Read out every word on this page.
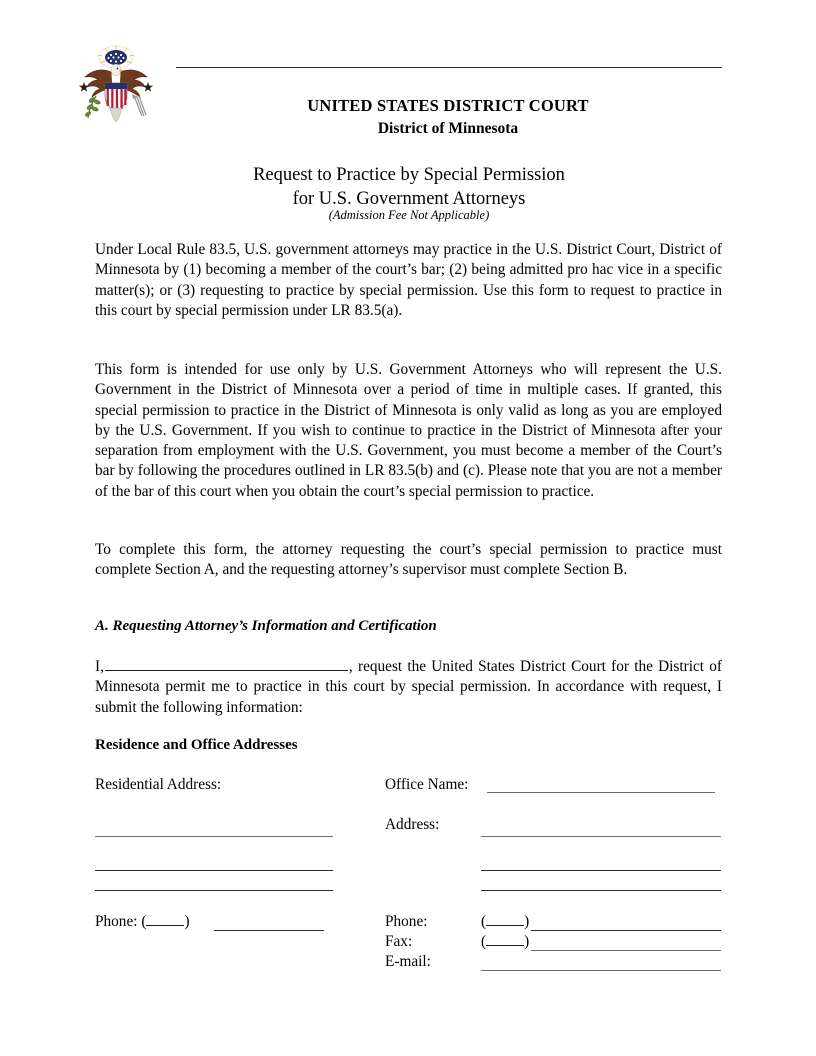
UNITED STATES DISTRICT COURT
District of Minnesota
Request to Practice by Special Permission
for U.S. Government Attorneys
(Admission Fee Not Applicable)

Under Local Rule 83.5, U.S. government attorneys may practice in the U.S. District Court, District of Minnesota by (1) becoming a member of the court’s bar; (2) being admitted pro hac vice in a specific matter(s); or (3) requesting to practice by special permission. Use this form to request to practice in this court by special permission under LR 83.5(a).

This form is intended for use only by U.S. Government Attorneys who will represent the U.S. Government in the District of Minnesota over a period of time in multiple cases. If granted, this special permission to practice in the District of Minnesota is only valid as long as you are employed by the U.S. Government. If you wish to continue to practice in the District of Minnesota after your separation from employment with the U.S. Government, you must become a member of the Court’s bar by following the procedures outlined in LR 83.5(b) and (c). Please note that you are not a member of the bar of this court when you obtain the court’s special permission to practice.

To complete this form, the attorney requesting the court’s special permission to practice must complete Section A, and the requesting attorney’s supervisor must complete Section B.

A. Requesting Attorney’s Information and Certification

I,	, request the United States District Court for the District of Minnesota permit me to practice in this court by special permission. In accordance with request, I submit the following information:

Residence and Office Addresses
Residential Address:
Phone: ( )
Office Name:
Address:
Phone:	( )
Fax:	( )
E-mail:
